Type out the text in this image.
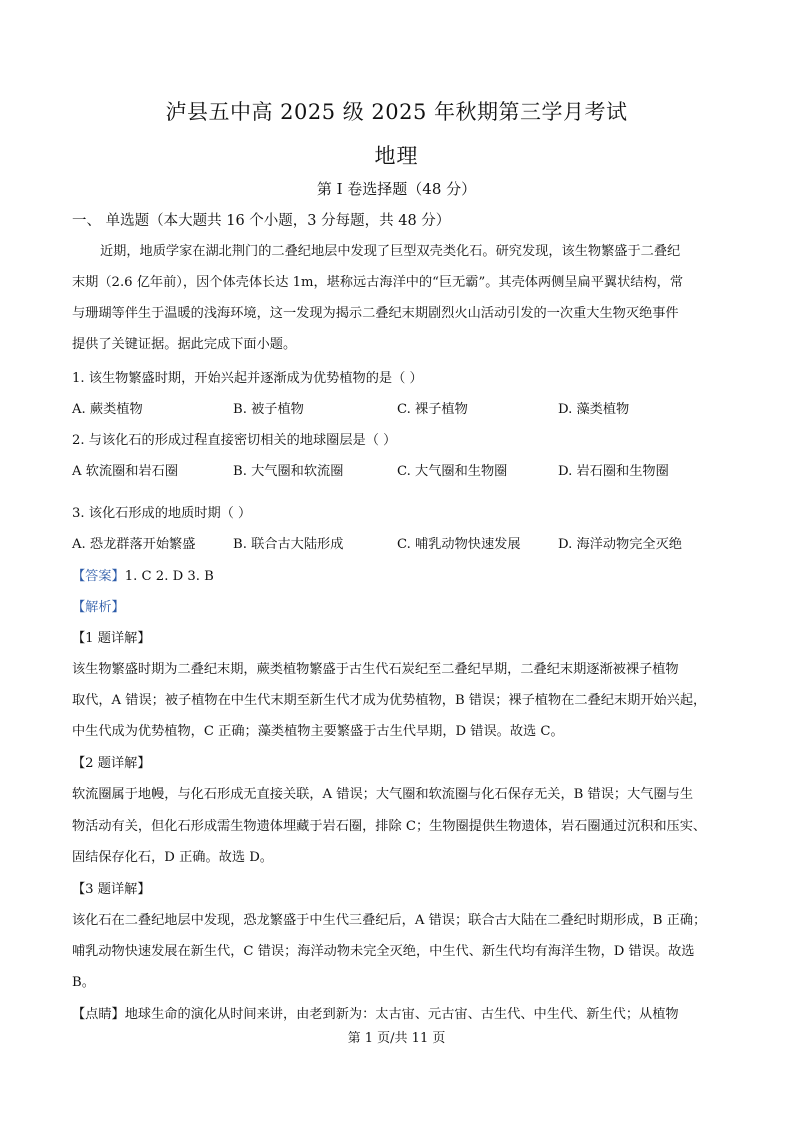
泸县五中高 2025 级 2025 年秋期第三学月考试
地理
第 I 卷选择题（48 分）
一、 单选题（本大题共 16 个小题，3 分每题，共 48 分）
近期，地质学家在湖北荆门的二叠纪地层中发现了巨型双壳类化石。研究发现，该生物繁盛于二叠纪
末期（2.6 亿年前），因个体壳体长达 1m，堪称远古海洋中的“巨无霸”。其壳体两侧呈扁平翼状结构，常
与珊瑚等伴生于温暖的浅海环境，这一发现为揭示二叠纪末期剧烈火山活动引发的一次重大生物灭绝事件
提供了关键证据。据此完成下面小题。
1. 该生物繁盛时期，开始兴起并逐渐成为优势植物的是（ ）
A. 蕨类植物	B. 被子植物	C. 裸子植物	D. 藻类植物
2. 与该化石的形成过程直接密切相关的地球圈层是（ ）
A 软流圈和岩石圈	B. 大气圈和软流圈	C. 大气圈和生物圈	D. 岩石圈和生物圈
3. 该化石形成的地质时期（ ）
A. 恐龙群落开始繁盛	B. 联合古大陆形成	C. 哺乳动物快速发展	D. 海洋动物完全灭绝
【答案】1. C 2. D 3. B
【解析】
【1 题详解】
该生物繁盛时期为二叠纪末期，蕨类植物繁盛于古生代石炭纪至二叠纪早期，二叠纪末期逐渐被裸子植物
取代，A 错误；被子植物在中生代末期至新生代才成为优势植物，B 错误；裸子植物在二叠纪末期开始兴起，
中生代成为优势植物，C 正确；藻类植物主要繁盛于古生代早期，D 错误。故选 C。
【2 题详解】
软流圈属于地幔，与化石形成无直接关联，A 错误；大气圈和软流圈与化石保存无关，B 错误；大气圈与生
物活动有关，但化石形成需生物遗体埋藏于岩石圈，排除 C；生物圈提供生物遗体，岩石圈通过沉积和压实、
固结保存化石，D 正确。故选 D。
【3 题详解】
该化石在二叠纪地层中发现，恐龙繁盛于中生代三叠纪后，A 错误；联合古大陆在二叠纪时期形成，B 正确；
哺乳动物快速发展在新生代，C 错误；海洋动物未完全灭绝，中生代、新生代均有海洋生物，D 错误。故选
B。
【点睛】地球生命的演化从时间来讲，由老到新为：太古宙、元古宙、古生代、中生代、新生代；从植物
第 1 页/共 11 页
